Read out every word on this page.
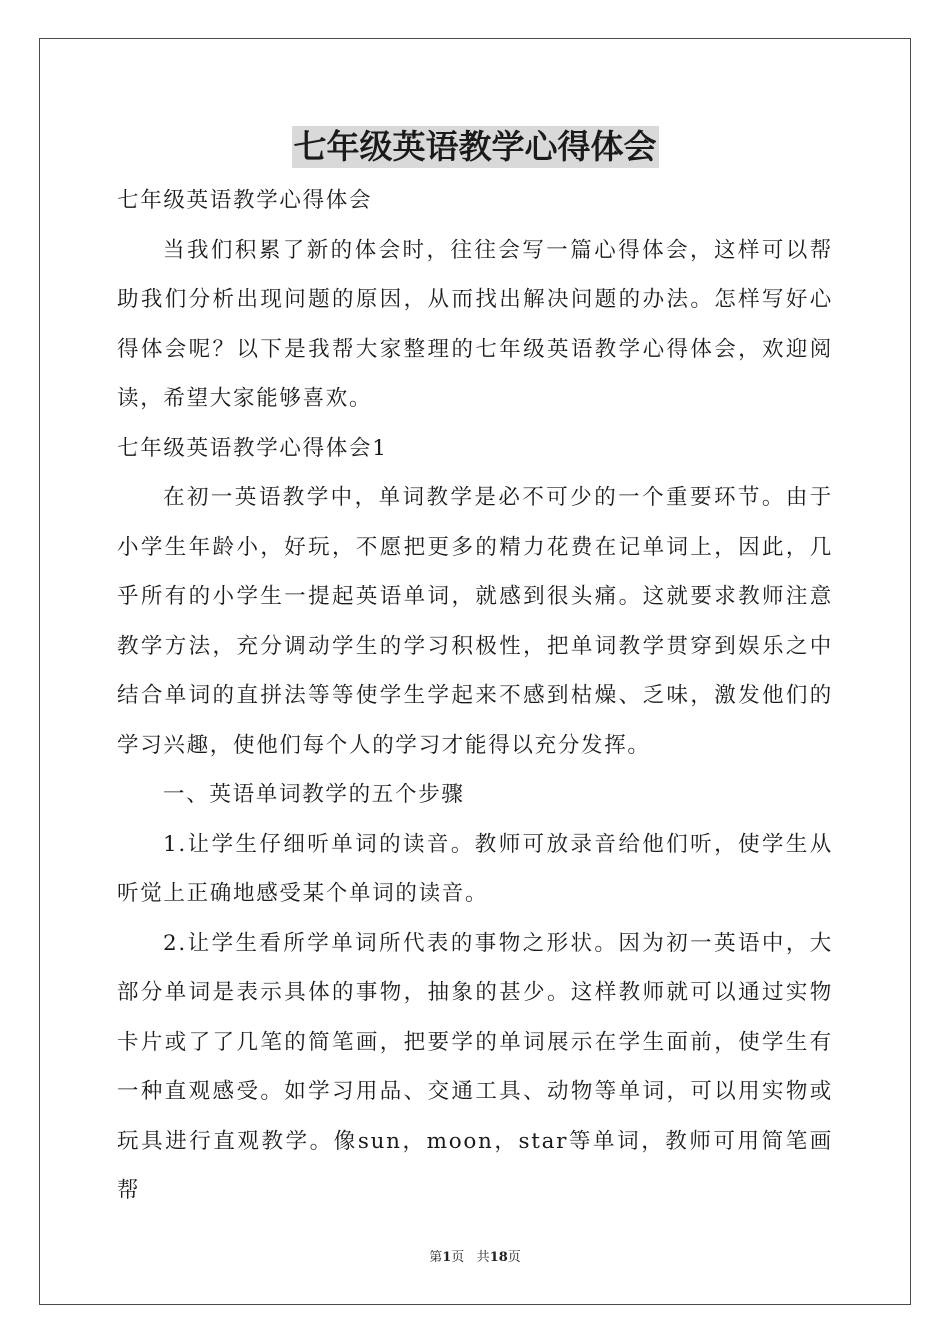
七年级英语教学心得体会

七年级英语教学心得体会

当我们积累了新的体会时，往往会写一篇心得体会，这样可以帮助我们分析出现问题的原因，从而找出解决问题的办法。怎样写好心得体会呢？以下是我帮大家整理的七年级英语教学心得体会，欢迎阅读，希望大家能够喜欢。

七年级英语教学心得体会1

在初一英语教学中，单词教学是必不可少的一个重要环节。由于小学生年龄小，好玩，不愿把更多的精力花费在记单词上，因此，几乎所有的小学生一提起英语单词，就感到很头痛。这就要求教师注意教学方法，充分调动学生的学习积极性，把单词教学贯穿到娱乐之中结合单词的直拼法等等使学生学起来不感到枯燥、乏味，激发他们的学习兴趣，使他们每个人的学习才能得以充分发挥。

一、英语单词教学的五个步骤

1.让学生仔细听单词的读音。教师可放录音给他们听，使学生从听觉上正确地感受某个单词的读音。

2.让学生看所学单词所代表的事物之形状。因为初一英语中，大部分单词是表示具体的事物，抽象的甚少。这样教师就可以通过实物卡片或了了几笔的简笔画，把要学的单词展示在学生面前，使学生有一种直观感受。如学习用品、交通工具、动物等单词，可以用实物或玩具进行直观教学。像sun，moon，star等单词，教师可用简笔画帮

第1页 共18页
